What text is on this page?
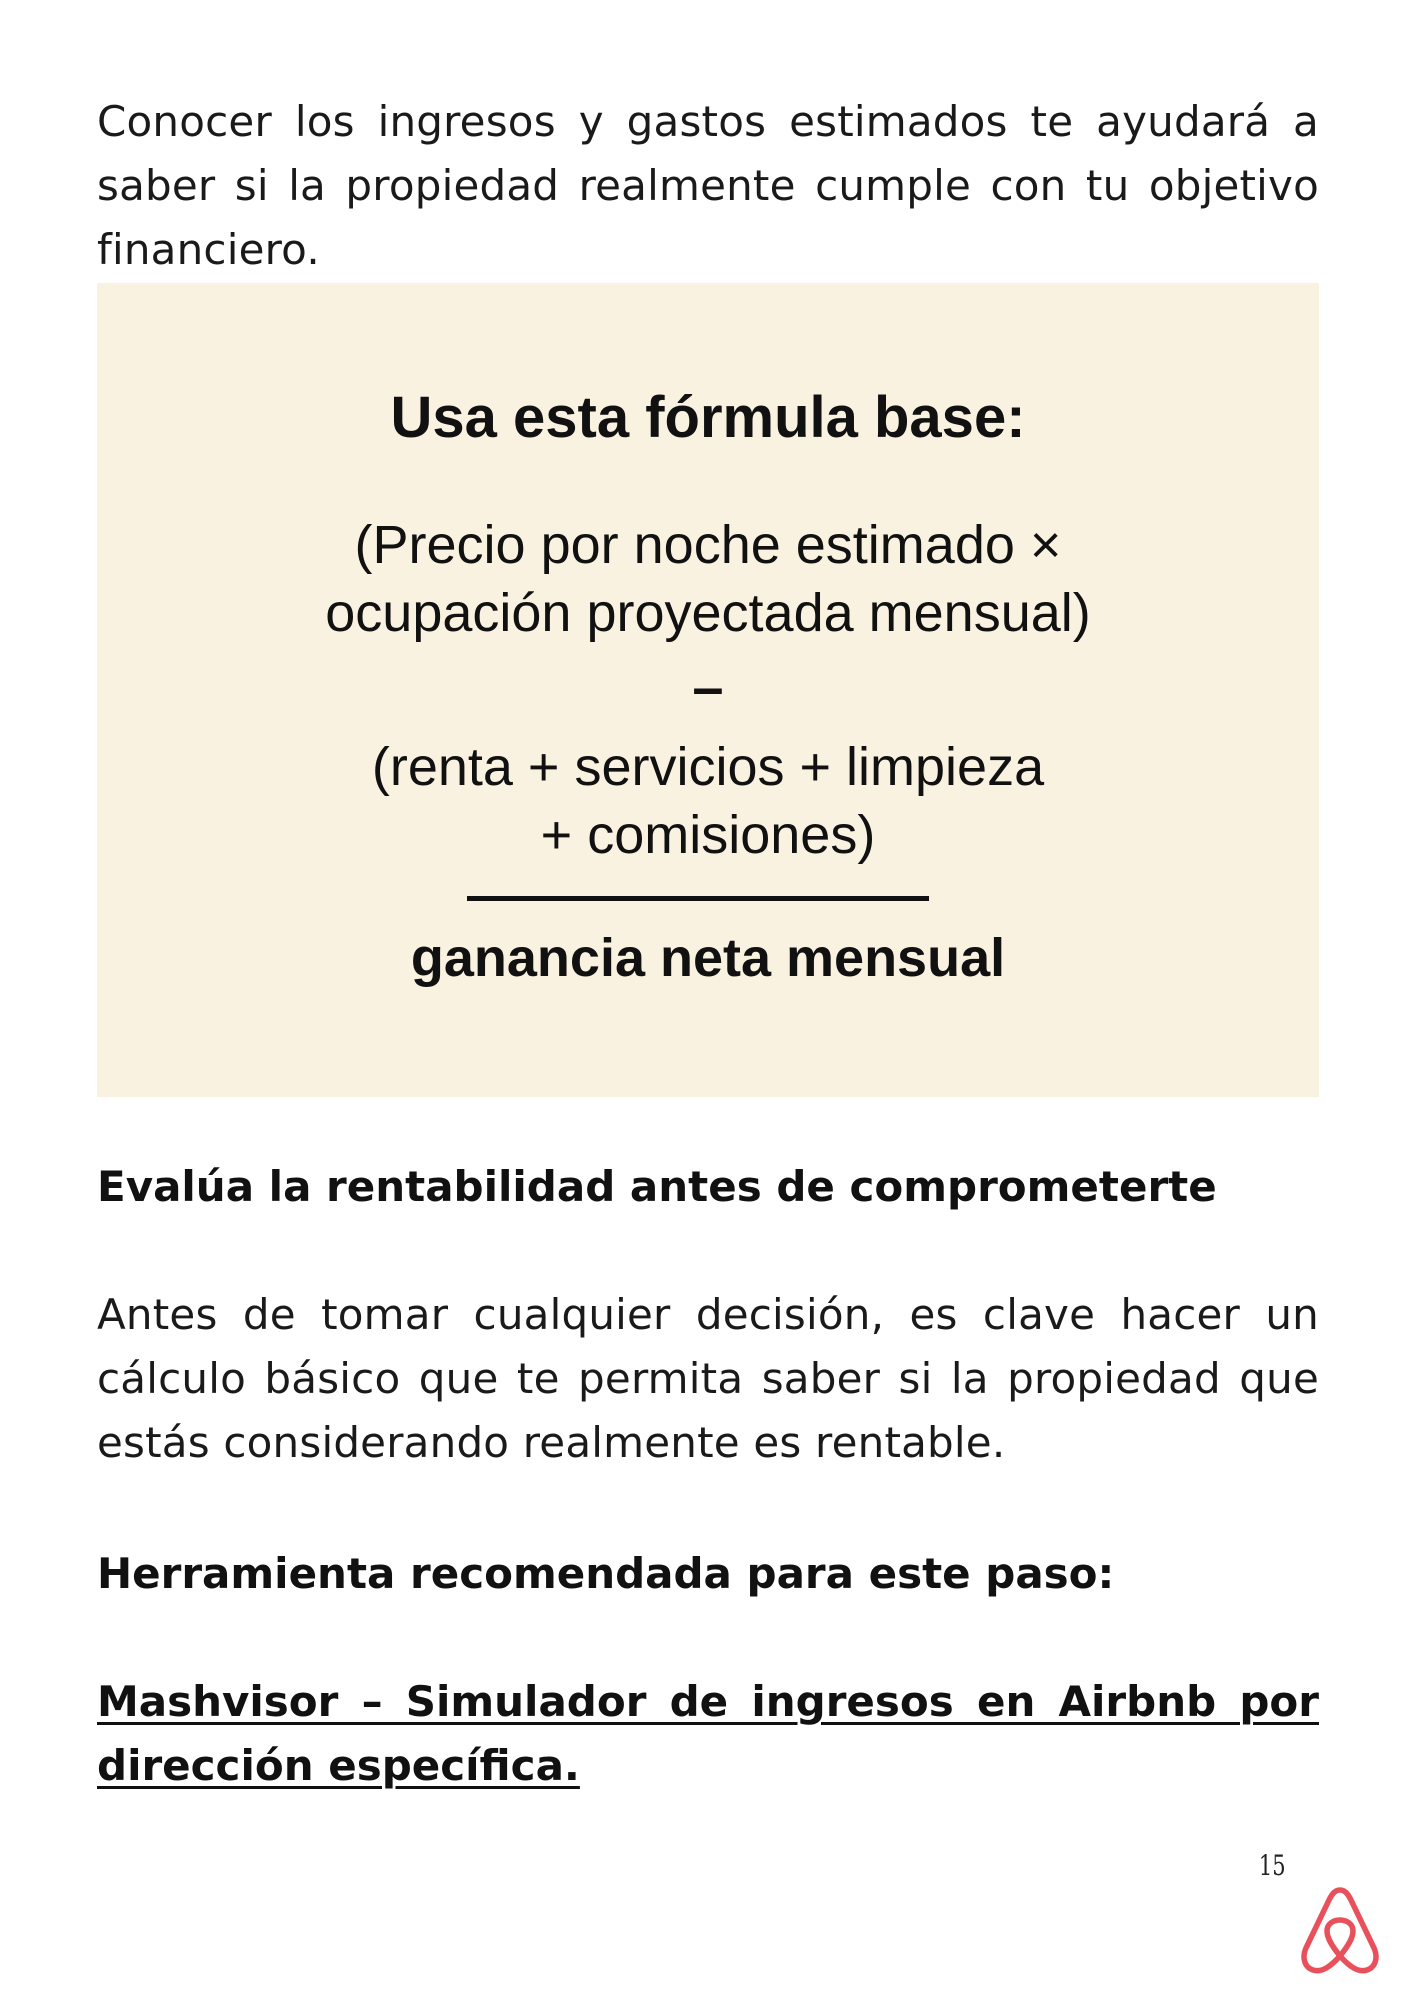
Conocer los ingresos y gastos estimados te ayudará a saber si la propiedad realmente cumple con tu objetivo financiero.

Usa esta fórmula base:
(Precio por noche estimado ×
ocupación proyectada mensual)
–
(renta + servicios + limpieza
+ comisiones)
ganancia neta mensual
Evalúa la rentabilidad antes de comprometerte

Antes de tomar cualquier decisión, es clave hacer un cálculo básico que te permita saber si la propiedad que estás considerando realmente es rentable.

Herramienta recomendada para este paso:
Mashvisor – Simulador de ingresos en Airbnb por dirección específica.
15
